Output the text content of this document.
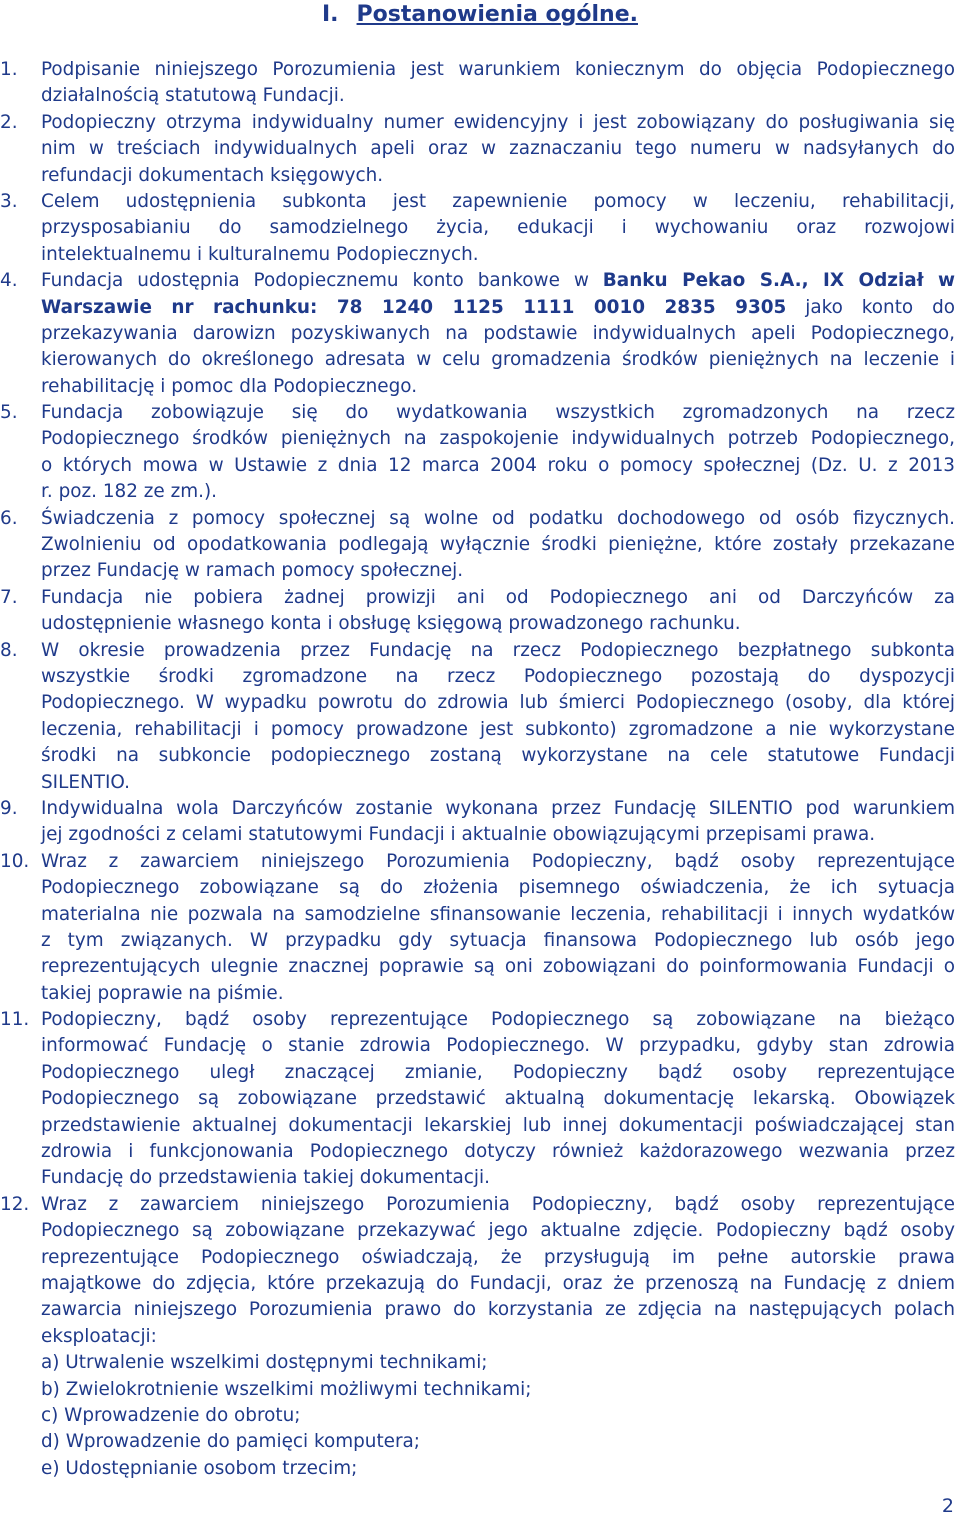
I. Postanowienia ogólne.
1. Podpisanie niniejszego Porozumienia jest warunkiem koniecznym do objęcia Podopiecznego
działalnością statutową Fundacji.
2. Podopieczny otrzyma indywidualny numer ewidencyjny i jest zobowiązany do posługiwania się
nim w treściach indywidualnych apeli oraz w zaznaczaniu tego numeru w nadsyłanych do
refundacji dokumentach księgowych.
3. Celem udostępnienia subkonta jest zapewnienie pomocy w leczeniu, rehabilitacji,
przysposabianiu do samodzielnego życia, edukacji i wychowaniu oraz rozwojowi
intelektualnemu i kulturalnemu Podopiecznych.
4. Fundacja udostępnia Podopiecznemu konto bankowe w Banku Pekao S.A., IX Odział w
Warszawie nr rachunku: 78 1240 1125 1111 0010 2835 9305 jako konto do
przekazywania darowizn pozyskiwanych na podstawie indywidualnych apeli Podopiecznego,
kierowanych do określonego adresata w celu gromadzenia środków pieniężnych na leczenie i
rehabilitację i pomoc dla Podopiecznego.
5. Fundacja zobowiązuje się do wydatkowania wszystkich zgromadzonych na rzecz
Podopiecznego środków pieniężnych na zaspokojenie indywidualnych potrzeb Podopiecznego,
o których mowa w Ustawie z dnia 12 marca 2004 roku o pomocy społecznej (Dz. U. z 2013
r. poz. 182 ze zm.).
6. Świadczenia z pomocy społecznej są wolne od podatku dochodowego od osób fizycznych.
Zwolnieniu od opodatkowania podlegają wyłącznie środki pieniężne, które zostały przekazane
przez Fundację w ramach pomocy społecznej.
7. Fundacja nie pobiera żadnej prowizji ani od Podopiecznego ani od Darczyńców za
udostępnienie własnego konta i obsługę księgową prowadzonego rachunku.
8. W okresie prowadzenia przez Fundację na rzecz Podopiecznego bezpłatnego subkonta
wszystkie środki zgromadzone na rzecz Podopiecznego pozostają do dyspozycji
Podopiecznego. W wypadku powrotu do zdrowia lub śmierci Podopiecznego (osoby, dla której
leczenia, rehabilitacji i pomocy prowadzone jest subkonto) zgromadzone a nie wykorzystane
środki na subkoncie podopiecznego zostaną wykorzystane na cele statutowe Fundacji
SILENTIO.
9. Indywidualna wola Darczyńców zostanie wykonana przez Fundację SILENTIO pod warunkiem
jej zgodności z celami statutowymi Fundacji i aktualnie obowiązującymi przepisami prawa.
10. Wraz z zawarciem niniejszego Porozumienia Podopieczny, bądź osoby reprezentujące
Podopiecznego zobowiązane są do złożenia pisemnego oświadczenia, że ich sytuacja
materialna nie pozwala na samodzielne sfinansowanie leczenia, rehabilitacji i innych wydatków
z tym związanych. W przypadku gdy sytuacja finansowa Podopiecznego lub osób jego
reprezentujących ulegnie znacznej poprawie są oni zobowiązani do poinformowania Fundacji o
takiej poprawie na piśmie.
11. Podopieczny, bądź osoby reprezentujące Podopiecznego są zobowiązane na bieżąco
informować Fundację o stanie zdrowia Podopiecznego. W przypadku, gdyby stan zdrowia
Podopiecznego uległ znaczącej zmianie, Podopieczny bądź osoby reprezentujące
Podopiecznego są zobowiązane przedstawić aktualną dokumentację lekarską. Obowiązek
przedstawienie aktualnej dokumentacji lekarskiej lub innej dokumentacji poświadczającej stan
zdrowia i funkcjonowania Podopiecznego dotyczy również każdorazowego wezwania przez
Fundację do przedstawienia takiej dokumentacji.
12. Wraz z zawarciem niniejszego Porozumienia Podopieczny, bądź osoby reprezentujące
Podopiecznego są zobowiązane przekazywać jego aktualne zdjęcie. Podopieczny bądź osoby
reprezentujące Podopiecznego oświadczają, że przysługują im pełne autorskie prawa
majątkowe do zdjęcia, które przekazują do Fundacji, oraz że przenoszą na Fundację z dniem
zawarcia niniejszego Porozumienia prawo do korzystania ze zdjęcia na następujących polach
eksploatacji:
a) Utrwalenie wszelkimi dostępnymi technikami;
b) Zwielokrotnienie wszelkimi możliwymi technikami;
c) Wprowadzenie do obrotu;
d) Wprowadzenie do pamięci komputera;
e) Udostępnianie osobom trzecim;
2
